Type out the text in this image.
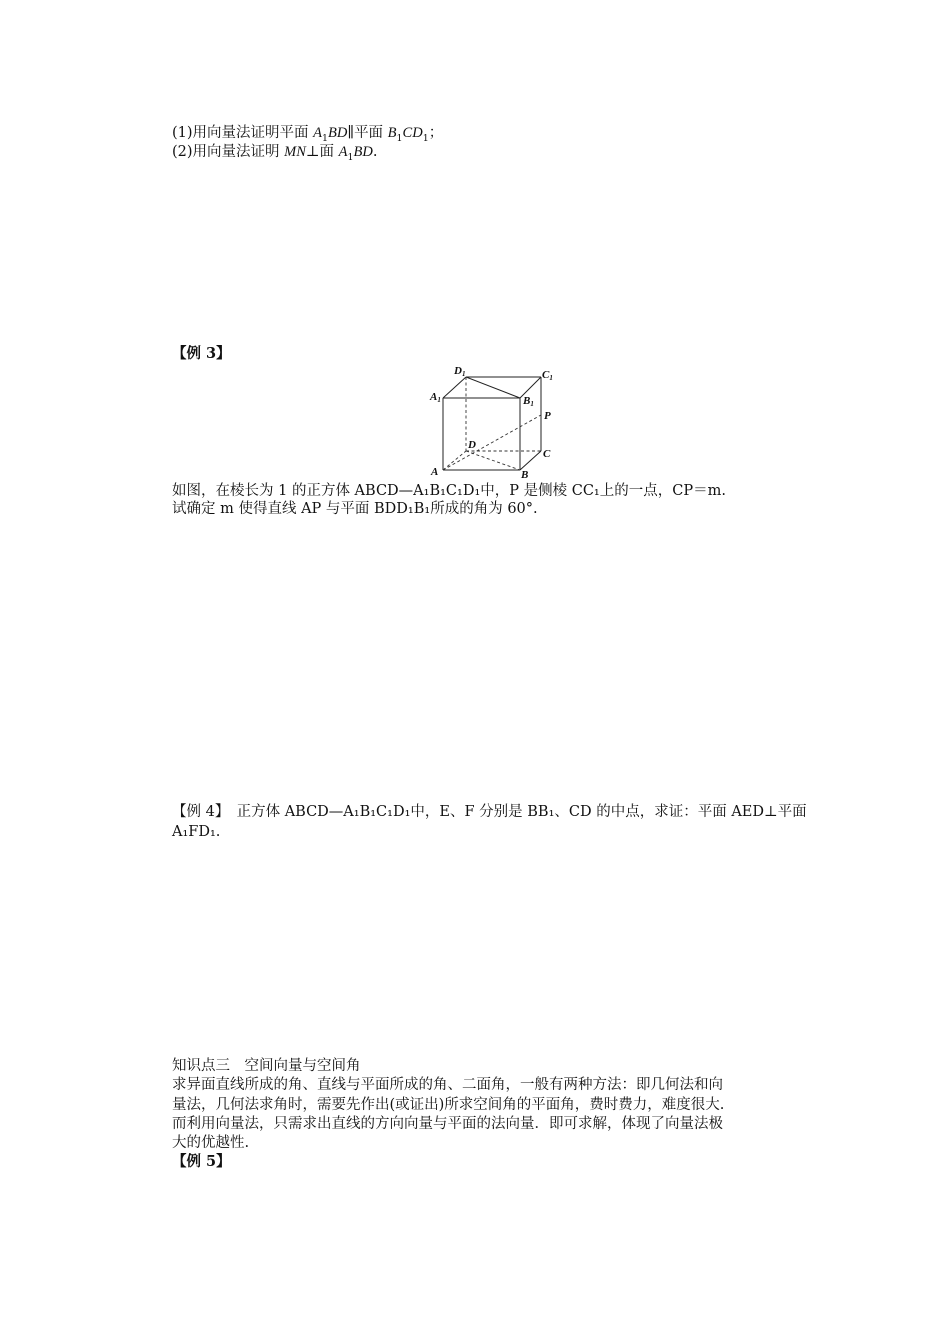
(1)用向量法证明平面 $A_1BD\parallel$平面 $B_1CD_1$；
(2)用向量法证明 MN⊥面 $A_1BD$.
【例 3】
D1	C1
A1	B1
P
D
C
A	B
如图，在棱长为 1 的正方体 ABCD—A₁B₁C₁D₁中，P 是侧棱 CC₁上的一点，CP＝m.
试确定 m 使得直线 AP 与平面 BDD₁B₁所成的角为 60°.
【例 4】　正方体 ABCD—A₁B₁C₁D₁中，E、F 分别是 BB₁、CD 的中点，求证：平面 AED⊥平面
A₁FD₁.
知识点三　空间向量与空间角
求异面直线所成的角、直线与平面所成的角、二面角，一般有两种方法：即几何法和向
量法，几何法求角时，需要先作出(或证出)所求空间角的平面角，费时费力，难度很大.
而利用向量法，只需求出直线的方向向量与平面的法向量．即可求解，体现了向量法极
大的优越性.
【例 5】
